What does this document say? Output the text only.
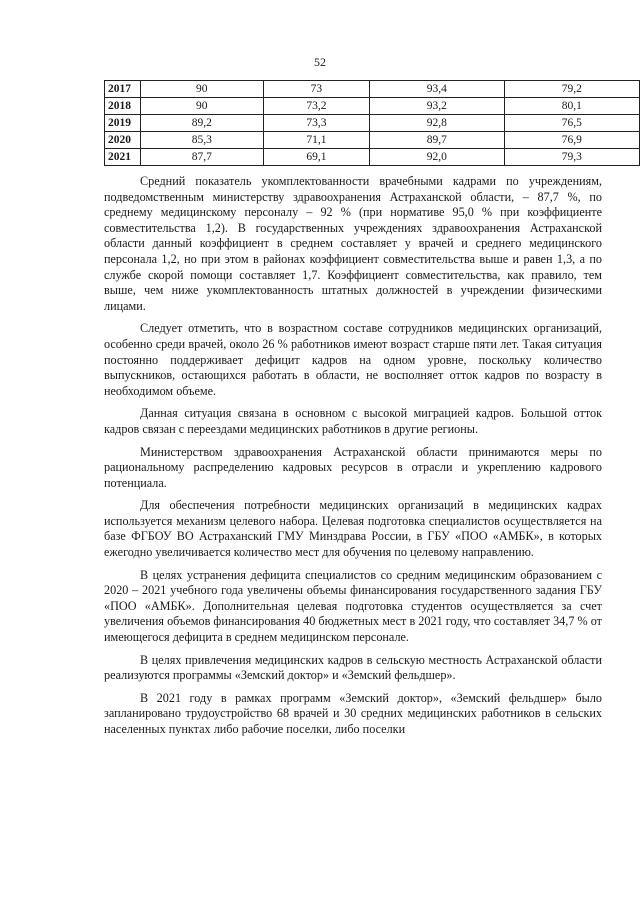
52
2017	90	73	93,4	79,2
2018	90	73,2	93,2	80,1
2019	89,2	73,3	92,8	76,5
2020	85,3	71,1	89,7	76,9
2021	87,7	69,1	92,0	79,3

Средний показатель укомплектованности врачебными кадрами по учреждениям, подведомственным министерству здравоохранения Астраханской области, – 87,7 %, по среднему медицинскому персоналу – 92 % (при нормативе 95,0 % при коэффициенте совместительства 1,2). В государственных учреждениях здравоохранения Астраханской области данный коэффициент в среднем составляет у врачей и среднего медицинского персонала 1,2, но при этом в районах коэффициент совместительства выше и равен 1,3, а по службе скорой помощи составляет 1,7. Коэффициент совместительства, как правило, тем выше, чем ниже укомплектованность штатных должностей в учреждении физическими лицами.

Следует отметить, что в возрастном составе сотрудников медицинских организаций, особенно среди врачей, около 26 % работников имеют возраст старше пяти лет. Такая ситуация постоянно поддерживает дефицит кадров на одном уровне, поскольку количество выпускников, остающихся работать в области, не восполняет отток кадров по возрасту в необходимом объеме.

Данная ситуация связана в основном с высокой миграцией кадров. Большой отток кадров связан с переездами медицинских работников в другие регионы.

Министерством здравоохранения Астраханской области принимаются меры по рациональному распределению кадровых ресурсов в отрасли и укреплению кадрового потенциала.

Для обеспечения потребности медицинских организаций в медицинских кадрах используется механизм целевого набора. Целевая подготовка специалистов осуществляется на базе ФГБОУ ВО Астраханский ГМУ Минздрава России, в ГБУ «ПОО «АМБК», в которых ежегодно увеличивается количество мест для обучения по целевому направлению.

В целях устранения дефицита специалистов со средним медицинским образованием с 2020 – 2021 учебного года увеличены объемы финансирования государственного задания ГБУ «ПОО «АМБК». Дополнительная целевая подготовка студентов осуществляется за счет увеличения объемов финансирования 40 бюджетных мест в 2021 году, что составляет 34,7 % от имеющегося дефицита в среднем медицинском персонале.

В целях привлечения медицинских кадров в сельскую местность Астраханской области реализуются программы «Земский доктор» и «Земский фельдшер».

В 2021 году в рамках программ «Земский доктор», «Земский фельдшер» было запланировано трудоустройство 68 врачей и 30 средних медицинских работников в сельских населенных пунктах либо рабочие поселки, либо поселки
